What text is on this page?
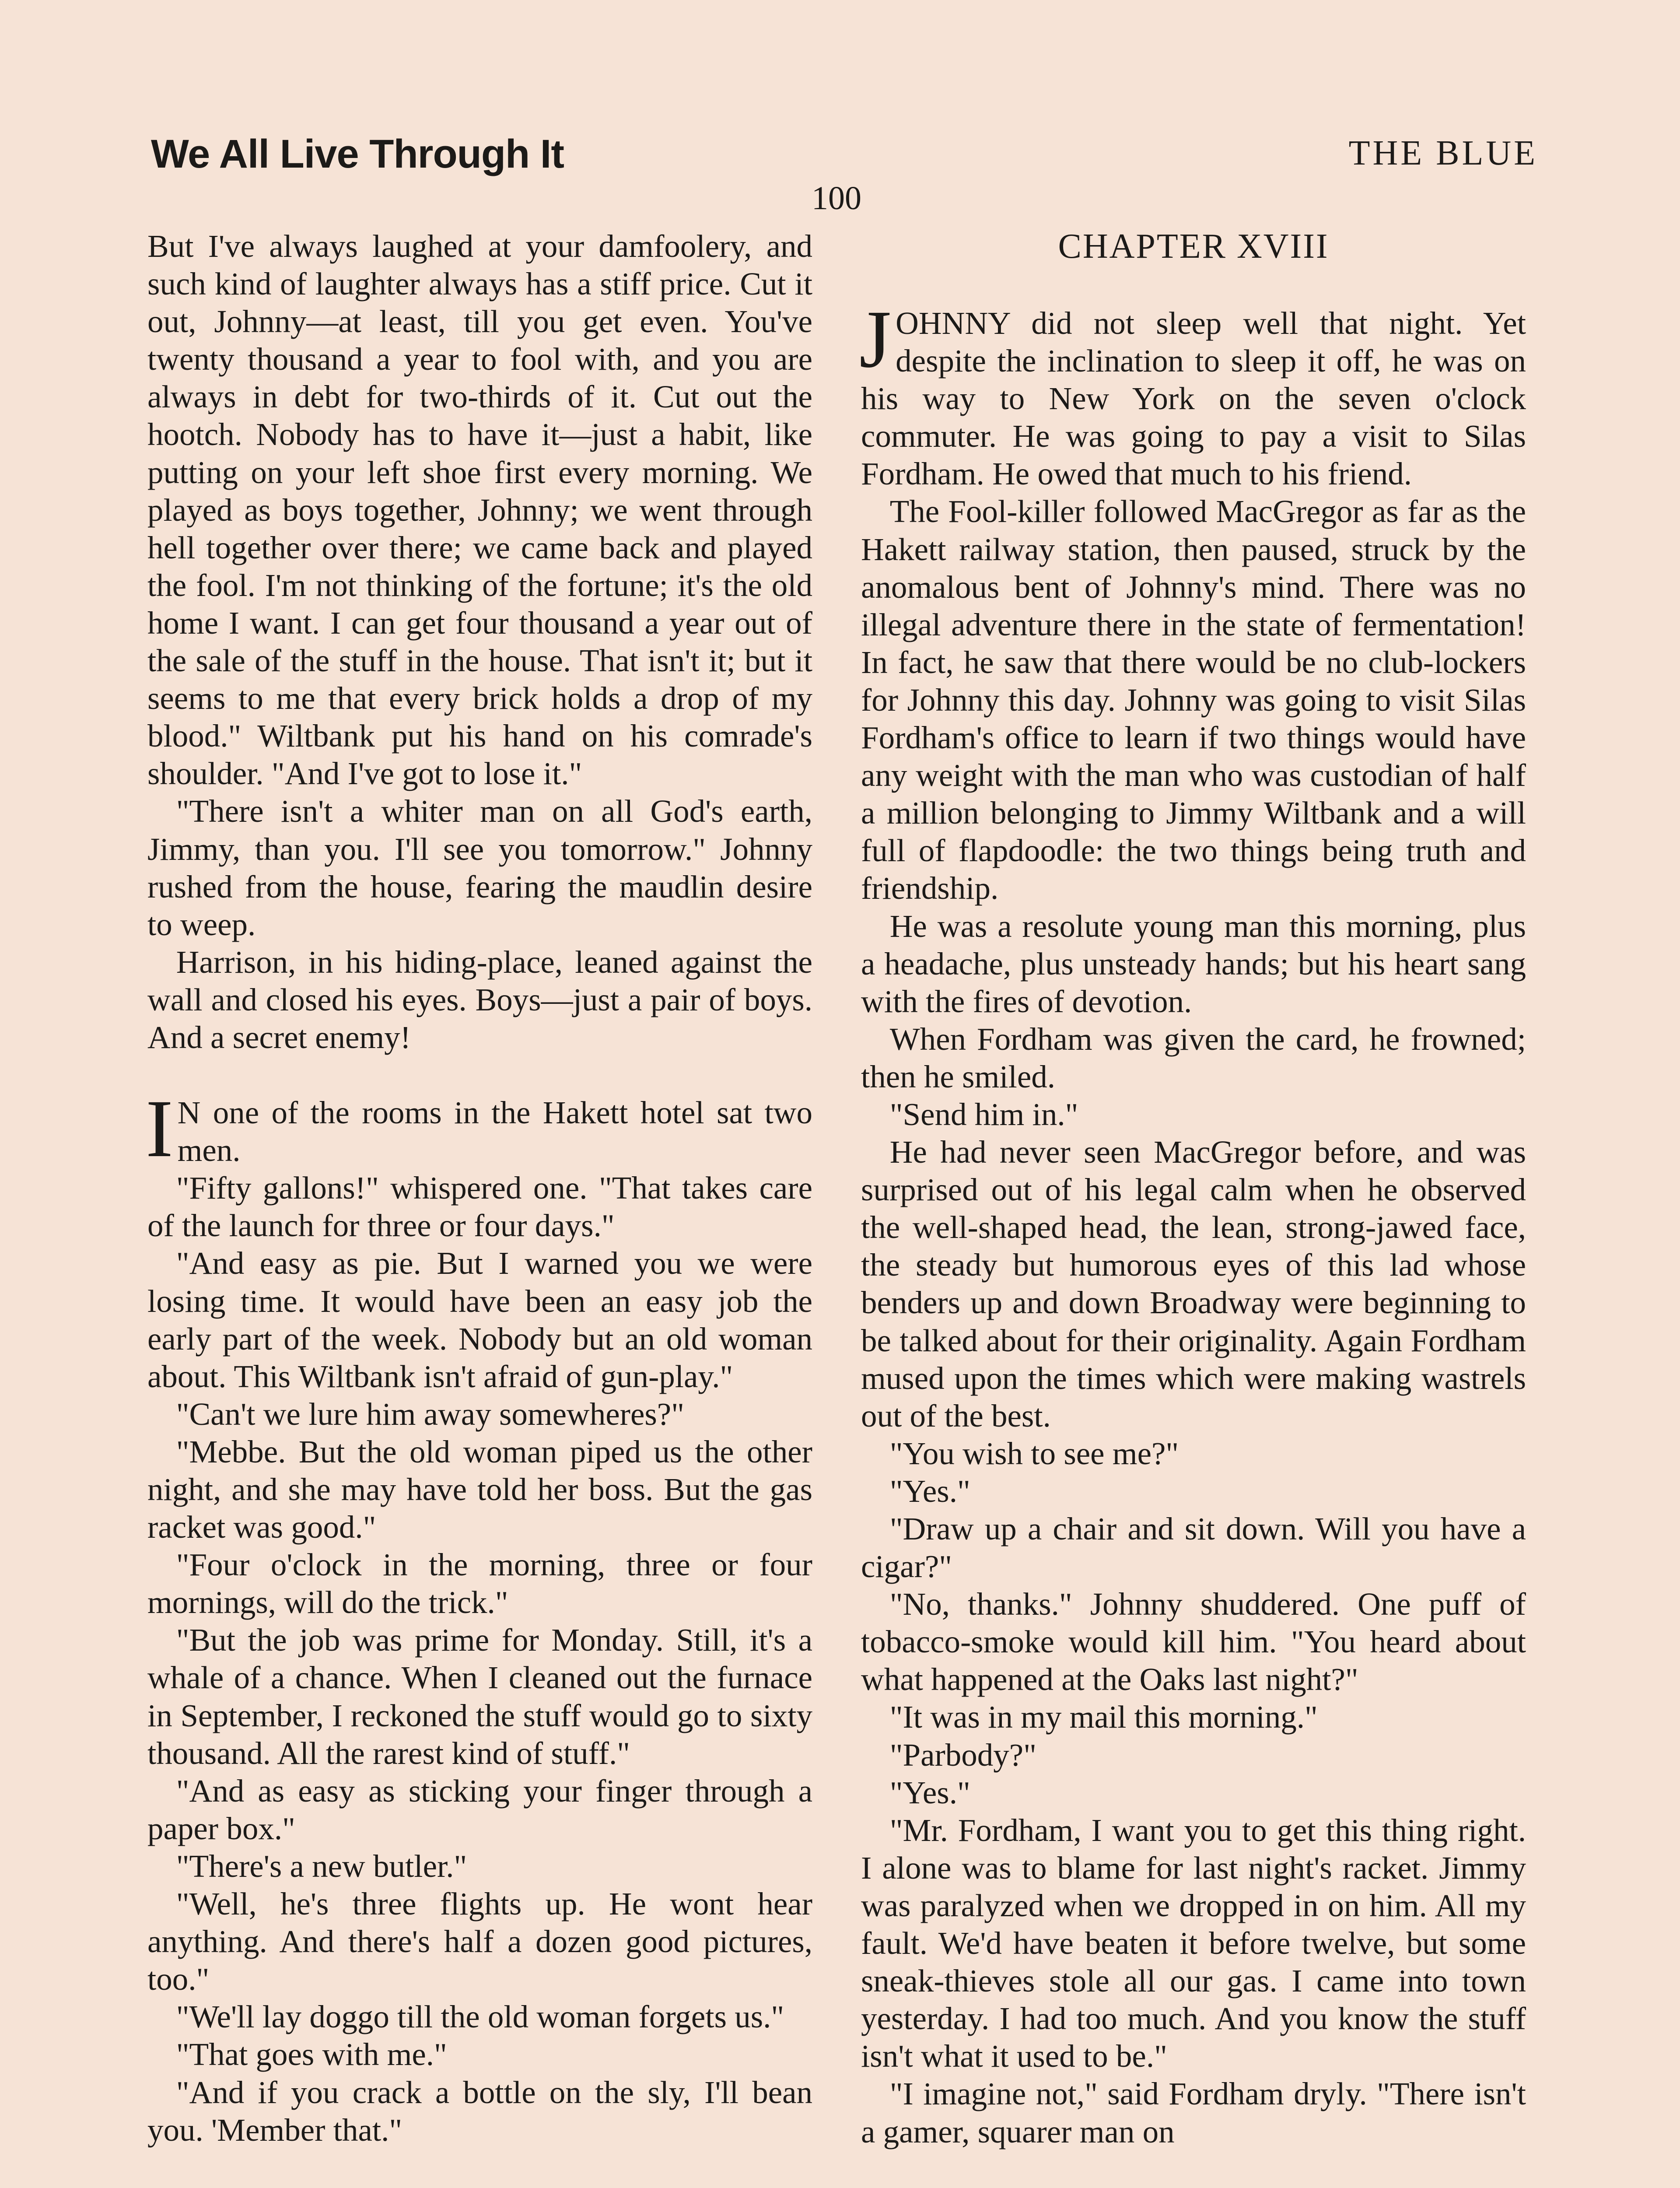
We All Live Through It	THE BLUE
100

But I've always laughed at your damfoolery, and such kind of laughter always has a stiff price. Cut it out, Johnny—at least, till you get even. You've twenty thousand a year to fool with, and you are always in debt for two-thirds of it. Cut out the hootch. Nobody has to have it—just a habit, like putting on your left shoe first every morning. We played as boys together, Johnny; we went through hell together over there; we came back and played the fool. I'm not thinking of the fortune; it's the old home I want. I can get four thousand a year out of the sale of the stuff in the house. That isn't it; but it seems to me that every brick holds a drop of my blood." Wiltbank put his hand on his comrade's shoulder. "And I've got to lose it."

"There isn't a whiter man on all God's earth, Jimmy, than you. I'll see you tomorrow." Johnny rushed from the house, fearing the maudlin desire to weep.

Harrison, in his hiding-place, leaned against the wall and closed his eyes. Boys—just a pair of boys. And a secret enemy!

I N one of the rooms in the Hakett hotel sat two men.

"Fifty gallons!" whispered one. "That takes care of the launch for three or four days."

"And easy as pie. But I warned you we were losing time. It would have been an easy job the early part of the week. Nobody but an old woman about. This Wiltbank isn't afraid of gun-play."

"Can't we lure him away somewheres?"

"Mebbe. But the old woman piped us the other night, and she may have told her boss. But the gas racket was good."

"Four o'clock in the morning, three or four mornings, will do the trick."

"But the job was prime for Monday. Still, it's a whale of a chance. When I cleaned out the furnace in September, I reckoned the stuff would go to sixty thousand. All the rarest kind of stuff."

"And as easy as sticking your finger through a paper box."

"There's a new butler."

"Well, he's three flights up. He wont hear anything. And there's half a dozen good pictures, too."

"We'll lay doggo till the old woman forgets us."

"That goes with me."

"And if you crack a bottle on the sly, I'll bean you. 'Member that."

CHAPTER XVIII

JOHNNY did not sleep well that night. Yet despite the inclination to sleep it off, he was on his way to New York on the seven o'clock commuter. He was going to pay a visit to Silas Fordham. He owed that much to his friend.

The Fool-killer followed MacGregor as far as the Hakett railway station, then paused, struck by the anomalous bent of Johnny's mind. There was no illegal adventure there in the state of fermentation! In fact, he saw that there would be no club-lockers for Johnny this day. Johnny was going to visit Silas Fordham's office to learn if two things would have any weight with the man who was custodian of half a million belonging to Jimmy Wiltbank and a will full of flapdoodle: the two things being truth and friendship.

He was a resolute young man this morning, plus a headache, plus unsteady hands; but his heart sang with the fires of devotion.

When Fordham was given the card, he frowned; then he smiled.

"Send him in."

He had never seen MacGregor before, and was surprised out of his legal calm when he observed the well-shaped head, the lean, strong-jawed face, the steady but humorous eyes of this lad whose benders up and down Broadway were beginning to be talked about for their originality. Again Fordham mused upon the times which were making wastrels out of the best.

"You wish to see me?"

"Yes."

"Draw up a chair and sit down. Will you have a cigar?"

"No, thanks." Johnny shuddered. One puff of tobacco-smoke would kill him. "You heard about what happened at the Oaks last night?"

"It was in my mail this morning."

"Parbody?"

"Yes."

"Mr. Fordham, I want you to get this thing right. I alone was to blame for last night's racket. Jimmy was paralyzed when we dropped in on him. All my fault. We'd have beaten it before twelve, but some sneak-thieves stole all our gas. I came into town yesterday. I had too much. And you know the stuff isn't what it used to be."

"I imagine not," said Fordham dryly. "There isn't a gamer, squarer man on
